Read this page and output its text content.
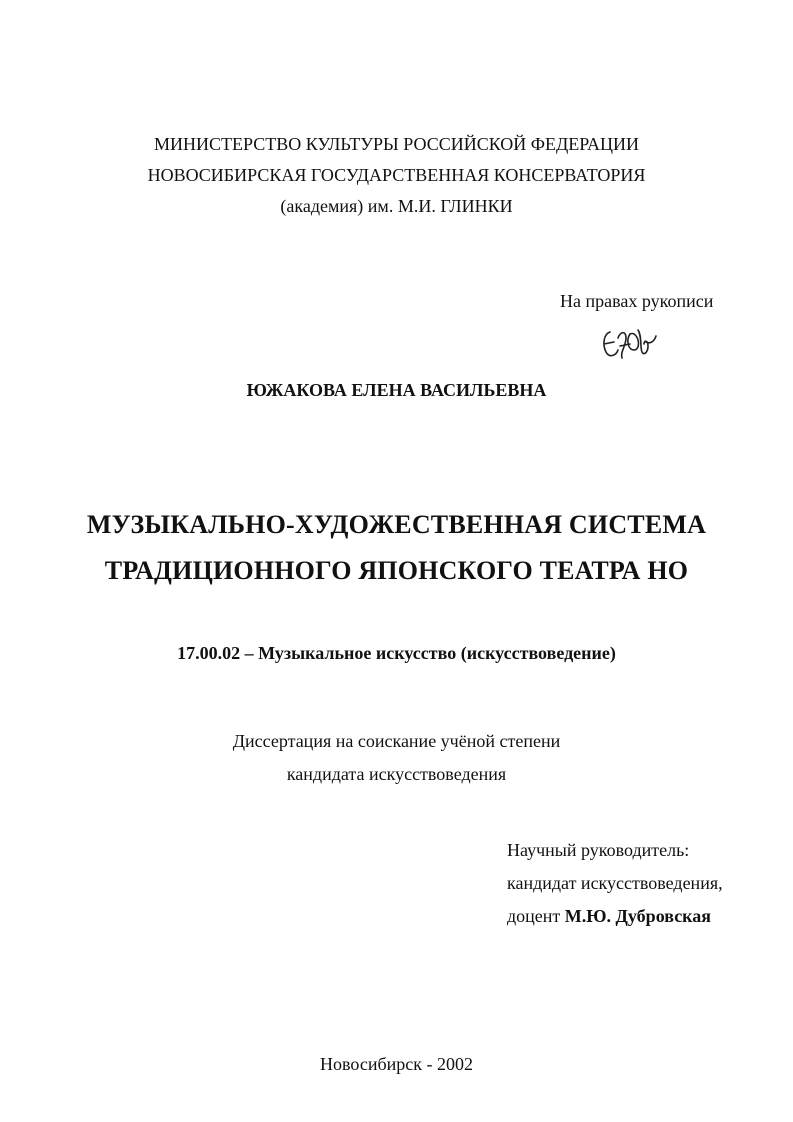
МИНИСТЕРСТВО КУЛЬТУРЫ РОССИЙСКОЙ ФЕДЕРАЦИИ
НОВОСИБИРСКАЯ ГОСУДАРСТВЕННАЯ КОНСЕРВАТОРИЯ
(академия) им. М.И. ГЛИНКИ
На правах рукописи
ЮЖАКОВА ЕЛЕНА ВАСИЛЬЕВНА
МУЗЫКАЛЬНО-ХУДОЖЕСТВЕННАЯ СИСТЕМА
ТРАДИЦИОННОГО ЯПОНСКОГО ТЕАТРА НО
17.00.02 – Музыкальное искусство (искусствоведение)
Диссертация на соискание учёной степени
кандидата искусствоведения
Научный руководитель:
кандидат искусствоведения,
доцент М.Ю. Дубровская
Новосибирск - 2002
